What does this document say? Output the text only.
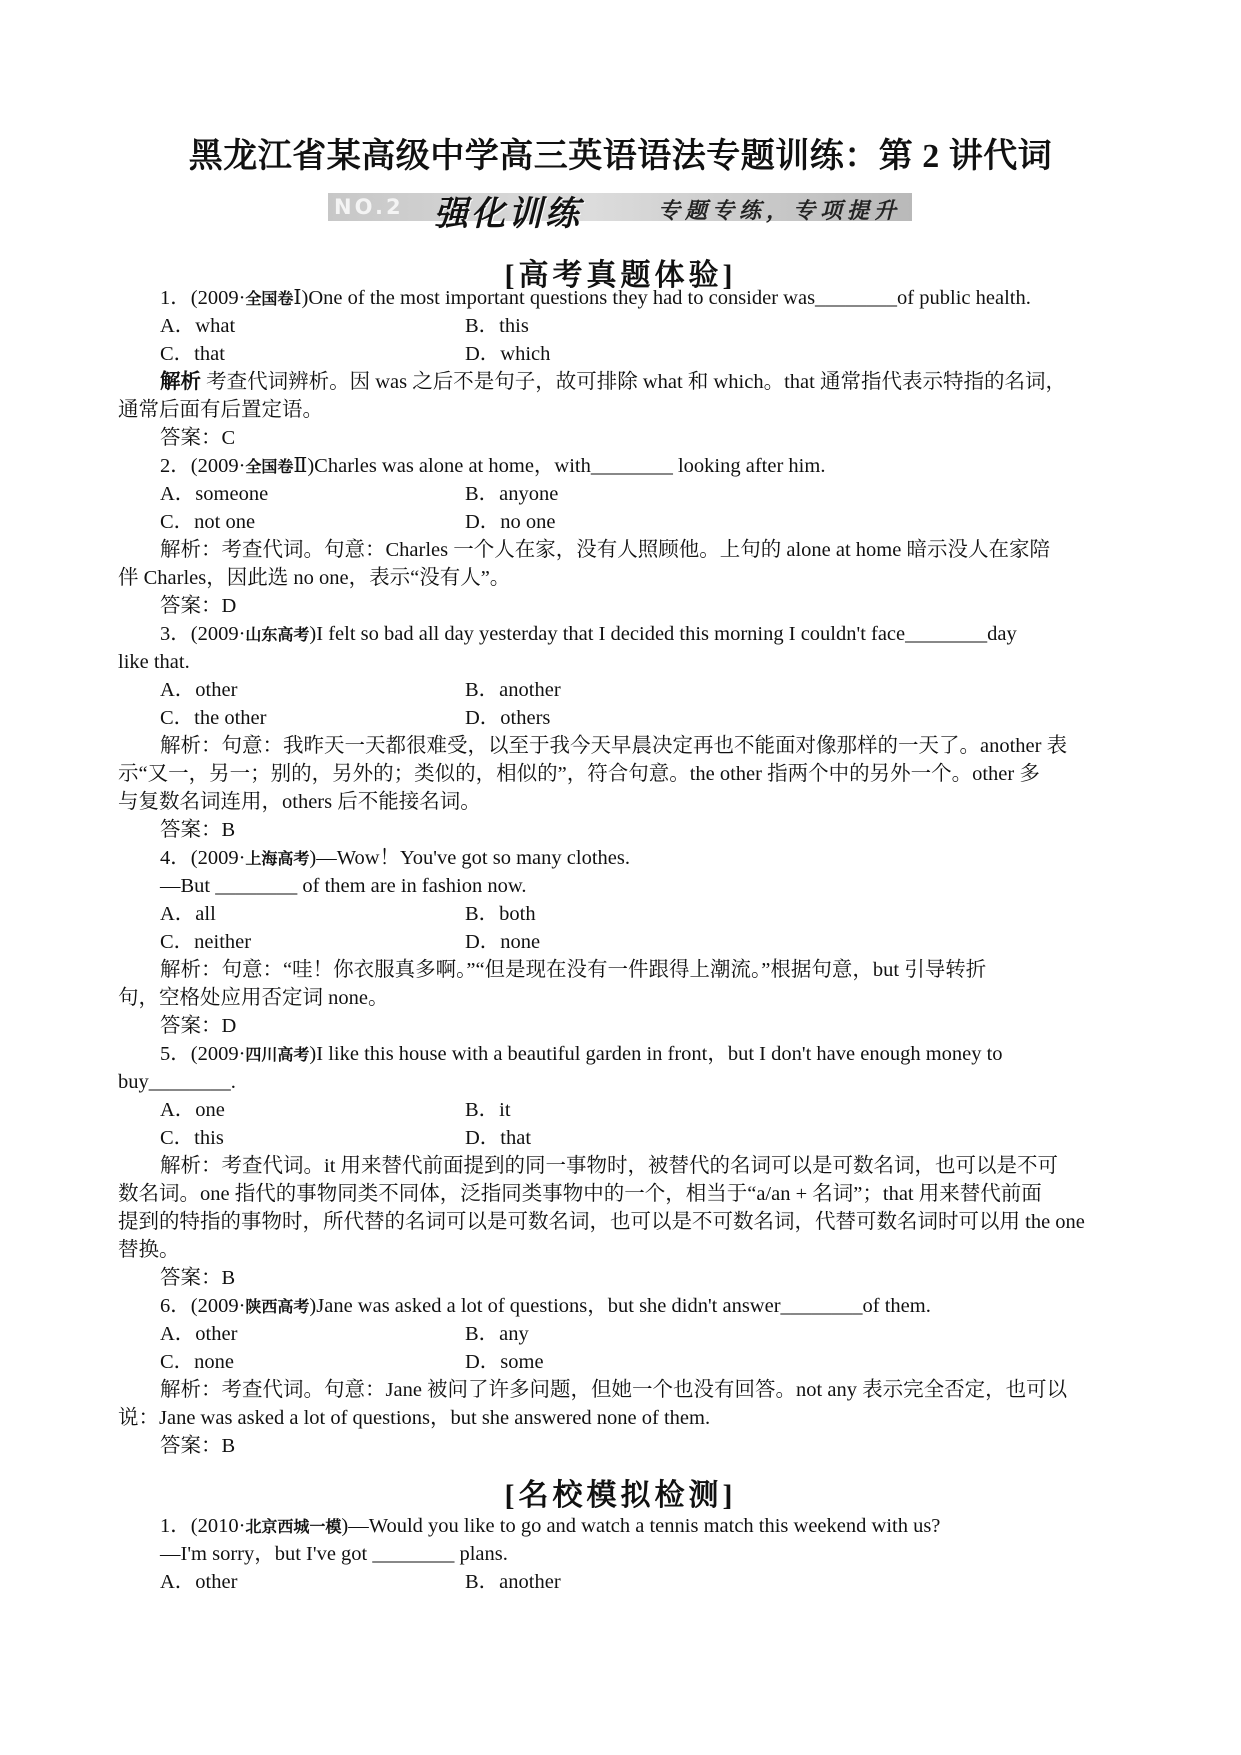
黑龙江省某高级中学高三英语语法专题训练：第 2 讲代词
NO.2 强化训练	专题专练，专项提升
[高考真题体验]
1．(2009·全国卷Ⅰ)One of the most important questions they had to consider was________of public health.
A．what	B．this
C．that	D．which
解析 考查代词辨析。因 was 之后不是句子，故可排除 what 和 which。that 通常指代表示特指的名词，
通常后面有后置定语。
答案：C
2．(2009·全国卷Ⅱ)Charles was alone at home，with________ looking after him.
A．someone	B．anyone
C．not one	D．no one
解析：考查代词。句意：Charles 一个人在家，没有人照顾他。上句的 alone at home 暗示没人在家陪
伴 Charles，因此选 no one，表示“没有人”。
答案：D
3．(2009·山东高考)I felt so bad all day yesterday that I decided this morning I couldn't face________day
like that.
A．other	B．another
C．the other	D．others
解析：句意：我昨天一天都很难受，以至于我今天早晨决定再也不能面对像那样的一天了。another 表
示“又一，另一；别的，另外的；类似的，相似的”，符合句意。the other 指两个中的另外一个。other 多
与复数名词连用，others 后不能接名词。
答案：B
4．(2009·上海高考)—Wow！You've got so many clothes.
—But ________ of them are in fashion now.
A．all	B．both
C．neither	D．none
解析：句意：“哇！你衣服真多啊。”“但是现在没有一件跟得上潮流。”根据句意，but 引导转折
句，空格处应用否定词 none。
答案：D
5．(2009·四川高考)I like this house with a beautiful garden in front，but I don't have enough money to
buy________.
A．one	B．it
C．this	D．that
解析：考查代词。it 用来替代前面提到的同一事物时，被替代的名词可以是可数名词，也可以是不可
数名词。one 指代的事物同类不同体，泛指同类事物中的一个，相当于“a/an + 名词”；that 用来替代前面
提到的特指的事物时，所代替的名词可以是可数名词，也可以是不可数名词，代替可数名词时可以用 the one
替换。
答案：B
6．(2009·陕西高考)Jane was asked a lot of questions，but she didn't answer________of them.
A．other	B．any
C．none	D．some
解析：考查代词。句意：Jane 被问了许多问题，但她一个也没有回答。not any 表示完全否定，也可以
说：Jane was asked a lot of questions，but she answered none of them.
答案：B
[名校模拟检测]
1．(2010·北京西城一模)—Would you like to go and watch a tennis match this weekend with us?
—I'm sorry，but I've got ________ plans.
A．other	B．another
